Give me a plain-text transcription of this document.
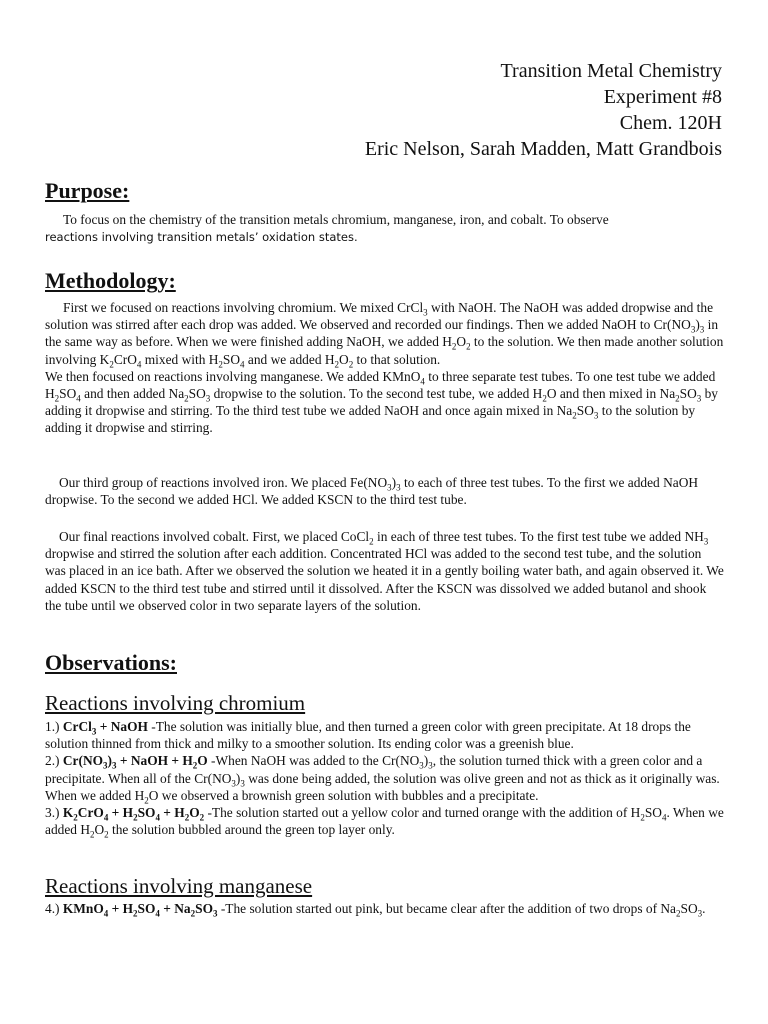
Transition Metal Chemistry
Experiment #8
Chem. 120H
Eric Nelson, Sarah Madden, Matt Grandbois
Purpose:
To focus on the chemistry of the transition metals chromium, manganese, iron, and cobalt. To observe
reactions involving transition metals’ oxidation states.
Methodology:
First we focused on reactions involving chromium. We mixed CrCl$_3$ with NaOH. The NaOH was added dropwise and the solution was stirred after each drop was added. We observed and recorded our findings. Then we added NaOH to $Cr(NO_3)_3$ in the same way as before. When we were finished adding NaOH, we added $H_2O_2$ to the solution. We then made another solution involving $K_2CrO_4$ mixed with $H_2SO_4$ and we added $H_2O_2$ to that solution.
We then focused on reactions involving manganese. We added KMnO$_4$ to three separate test tubes. To one test tube we added $H_2SO_4$ and then added $Na_2SO_3$ dropwise to the solution. To the second test tube, we added $H_2O$ and then mixed in $Na_2SO_3$ by adding it dropwise and stirring. To the third test tube we added NaOH and once again mixed in $Na_2SO_3$ to the solution by adding it dropwise and stirring.
Our third group of reactions involved iron. We placed $Fe(NO_3)_3$ to each of three test tubes. To the first we added NaOH dropwise. To the second we added HCl. We added KSCN to the third test tube.
Our final reactions involved cobalt. First, we placed CoCl$_2$ in each of three test tubes. To the first test tube we added $NH_3$ dropwise and stirred the solution after each addition. Concentrated HCl was added to the second test tube, and the solution was placed in an ice bath. After we observed the solution we heated it in a gently boiling water bath, and again observed it. We added KSCN to the third test tube and stirred until it dissolved. After the KSCN was dissolved we added butanol and shook the tube until we observed color in two separate layers of the solution.
Observations:
Reactions involving chromium
1.) CrCl$_3$ + NaOH -The solution was initially blue, and then turned a green color with green precipitate. At 18 drops the solution thinned from thick and milky to a smoother solution. Its ending color was a greenish blue.
2.) $Cr(NO_3)_3$ + NaOH + $H_2O$ -When NaOH was added to the $Cr(NO_3)_3$, the solution turned thick with a green color and a precipitate. When all of the $Cr(NO_3)_3$ was done being added, the solution was olive green and not as thick as it originally was. When we added $H_2O$ we observed a brownish green solution with bubbles and a precipitate.
3.) $K_2CrO_4 + H_2SO_4 + H_2O_2$ -The solution started out a yellow color and turned orange with the addition of $H_2SO_4$. When we added $H_2O_2$ the solution bubbled around the green top layer only.
Reactions involving manganese
4.) KMnO$_4$ + $H_2SO_4 + Na_2SO_3$ -The solution started out pink, but became clear after the addition of two drops of $Na_2SO_3$.
